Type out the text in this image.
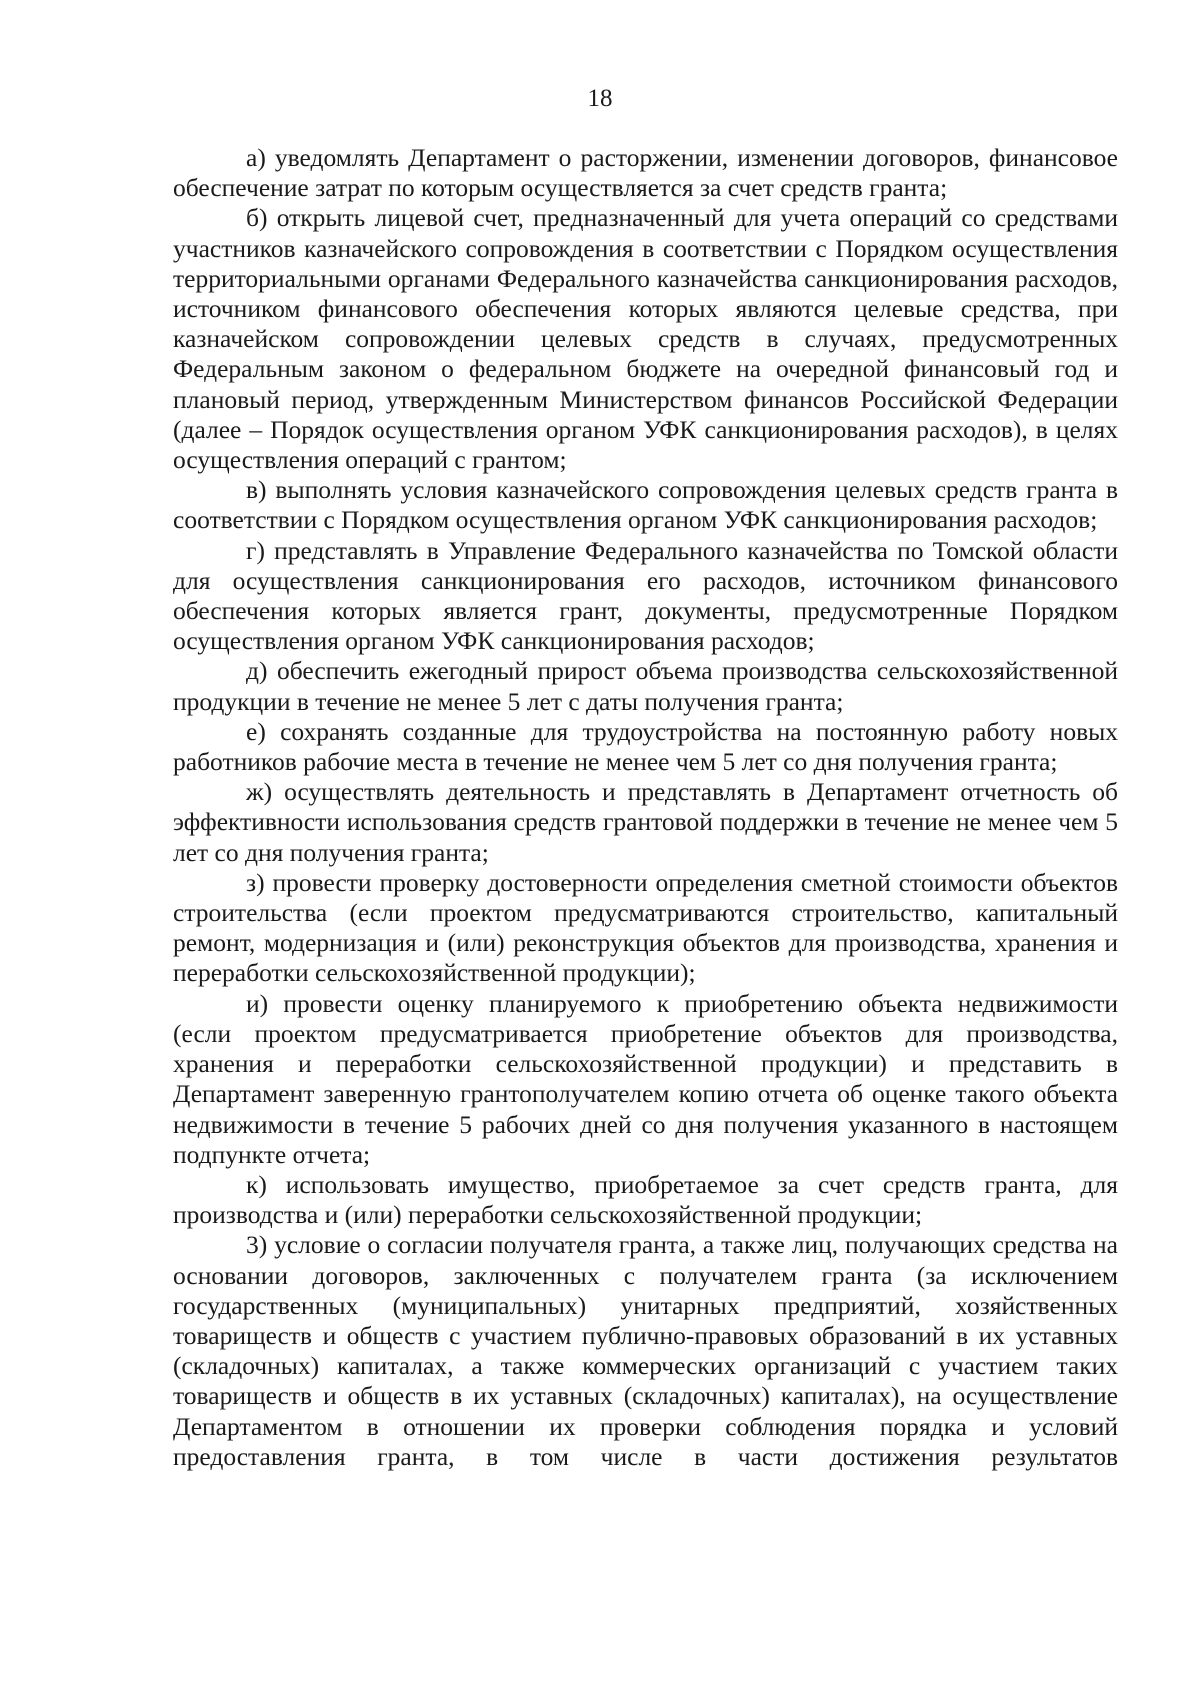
18

а) уведомлять Департамент о расторжении, изменении договоров, финансовое обеспечение затрат по которым осуществляется за счет средств гранта;

б) открыть лицевой счет, предназначенный для учета операций со средствами участников казначейского сопровождения в соответствии с Порядком осуществления территориальными органами Федерального казначейства санкционирования расходов, источником финансового обеспечения которых являются целевые средства, при казначейском сопровождении целевых средств в случаях, предусмотренных Федеральным законом о федеральном бюджете на очередной финансовый год и плановый период, утвержденным Министерством финансов Российской Федерации (далее – Порядок осуществления органом УФК санкционирования расходов), в целях осуществления операций с грантом;

в) выполнять условия казначейского сопровождения целевых средств гранта в соответствии с Порядком осуществления органом УФК санкционирования расходов;

г) представлять в Управление Федерального казначейства по Томской области для осуществления санкционирования его расходов, источником финансового обеспечения которых является грант, документы, предусмотренные Порядком осуществления органом УФК санкционирования расходов;

д) обеспечить ежегодный прирост объема производства сельскохозяйственной продукции в течение не менее 5 лет с даты получения гранта;

е) сохранять созданные для трудоустройства на постоянную работу новых работников рабочие места в течение не менее чем 5 лет со дня получения гранта;

ж) осуществлять деятельность и представлять в Департамент отчетность об эффективности использования средств грантовой поддержки в течение не менее чем 5 лет со дня получения гранта;

з) провести проверку достоверности определения сметной стоимости объектов строительства (если проектом предусматриваются строительство, капитальный ремонт, модернизация и (или) реконструкция объектов для производства, хранения и переработки сельскохозяйственной продукции);

и) провести оценку планируемого к приобретению объекта недвижимости (если проектом предусматривается приобретение объектов для производства, хранения и переработки сельскохозяйственной продукции) и представить в Департамент заверенную грантополучателем копию отчета об оценке такого объекта недвижимости в течение 5 рабочих дней со дня получения указанного в настоящем подпункте отчета;

к) использовать имущество, приобретаемое за счет средств гранта, для производства и (или) переработки сельскохозяйственной продукции;

3) условие о согласии получателя гранта, а также лиц, получающих средства на основании договоров, заключенных с получателем гранта (за исключением государственных (муниципальных) унитарных предприятий, хозяйственных товариществ и обществ с участием публично-правовых образований в их уставных (складочных) капиталах, а также коммерческих организаций с участием таких товариществ и обществ в их уставных (складочных) капиталах), на осуществление Департаментом в отношении их проверки соблюдения порядка и условий предоставления гранта, в том числе в части достижения результатов
